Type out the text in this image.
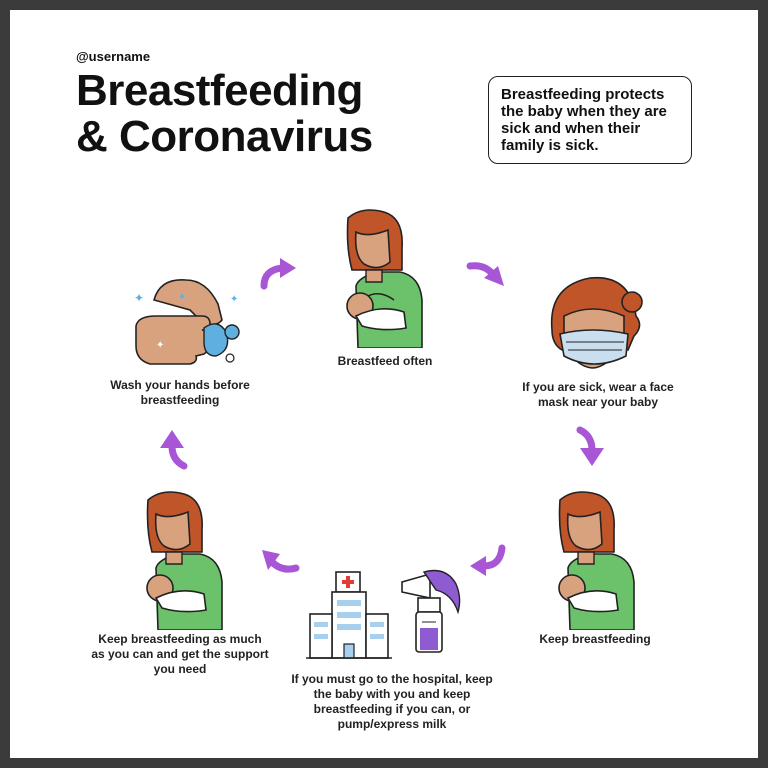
@username
Breastfeeding
& Coronavirus
Breastfeeding protects the baby when they are sick and when their family is sick.
Breastfeed often
If you are sick, wear a face mask near your baby
Keep breastfeeding
If you must go to the hospital, keep the baby with you and keep breastfeeding if you can, or pump/express milk
Keep breastfeeding as much as you can and get the support you need
✦	✦	✦
✦
Wash your hands before breastfeeding
